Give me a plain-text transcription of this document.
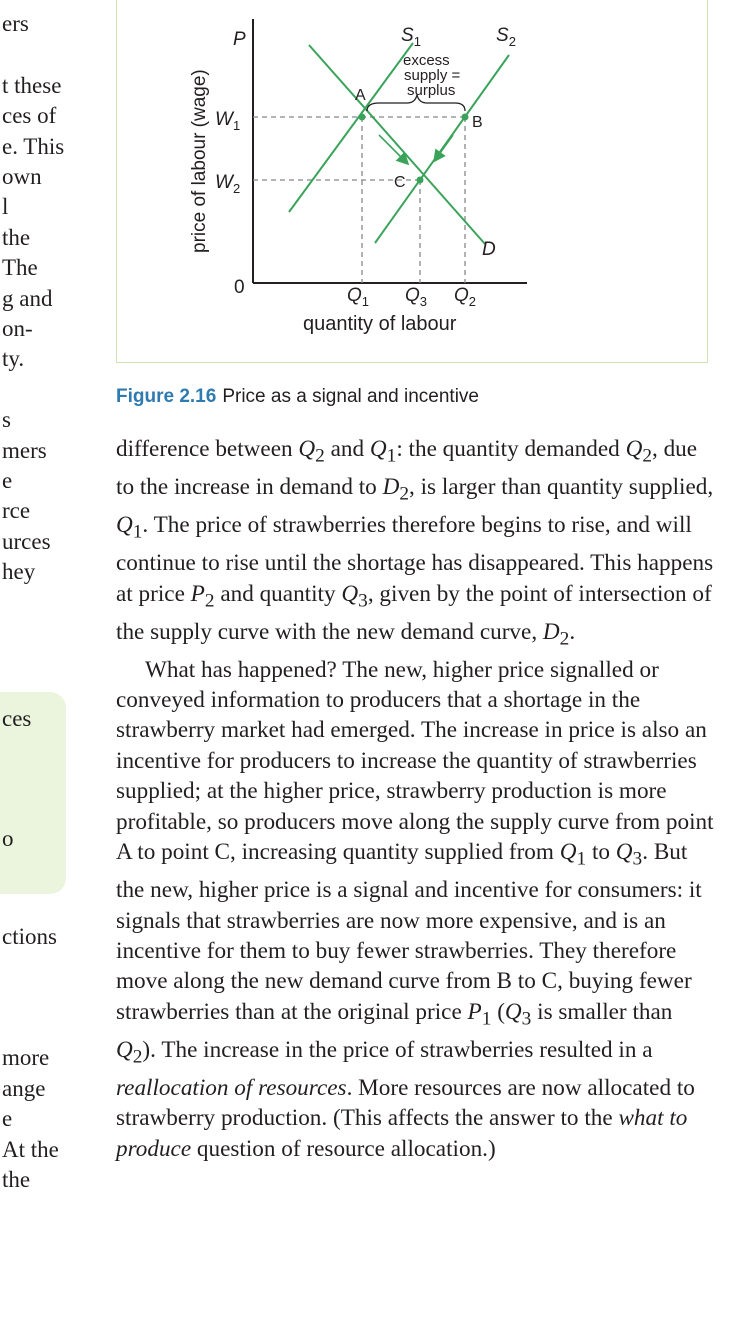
ers
t these
ces of
e. This
own
l
the
The
g and
on-
ty.
s
mers
e
rce
urces
hey
ces
o
ctions
more
ange
e
At the
the
P
$W_1$
$W_2$
0
price of labour (wage)
$Q_1$ $Q_3$ $Q_2$
quantity of labour
$S_1$	$S_2$
D
A
B
C
excess
supply =
surplus
Figure 2.16 Price as a signal and incentive

difference between $Q_2$ and $Q_1$: the quantity demanded $Q_2$, due to the increase in demand to $D_2$, is larger than quantity supplied, $Q_1$. The price of strawberries therefore begins to rise, and will continue to rise until the shortage has disappeared. This happens at price $P_2$ and quantity $Q_3$, given by the point of intersection of the supply curve with the new demand curve, $D_2$.

What has happened? The new, higher price signalled or conveyed information to producers that a shortage in the strawberry market had emerged. The increase in price is also an incentive for producers to increase the quantity of strawberries supplied; at the higher price, strawberry production is more profitable, so producers move along the supply curve from point A to point C, increasing quantity supplied from $Q_1$ to $Q_3$. But the new, higher price is a signal and incentive for consumers: it signals that strawberries are now more expensive, and is an incentive for them to buy fewer strawberries. They therefore move along the new demand curve from B to C, buying fewer strawberries than at the original price $P_1$ ($Q_3$ is smaller than $Q_2$). The increase in the price of strawberries resulted in a reallocation of resources. More resources are now allocated to strawberry production. (This affects the answer to the what to produce question of resource allocation.)
